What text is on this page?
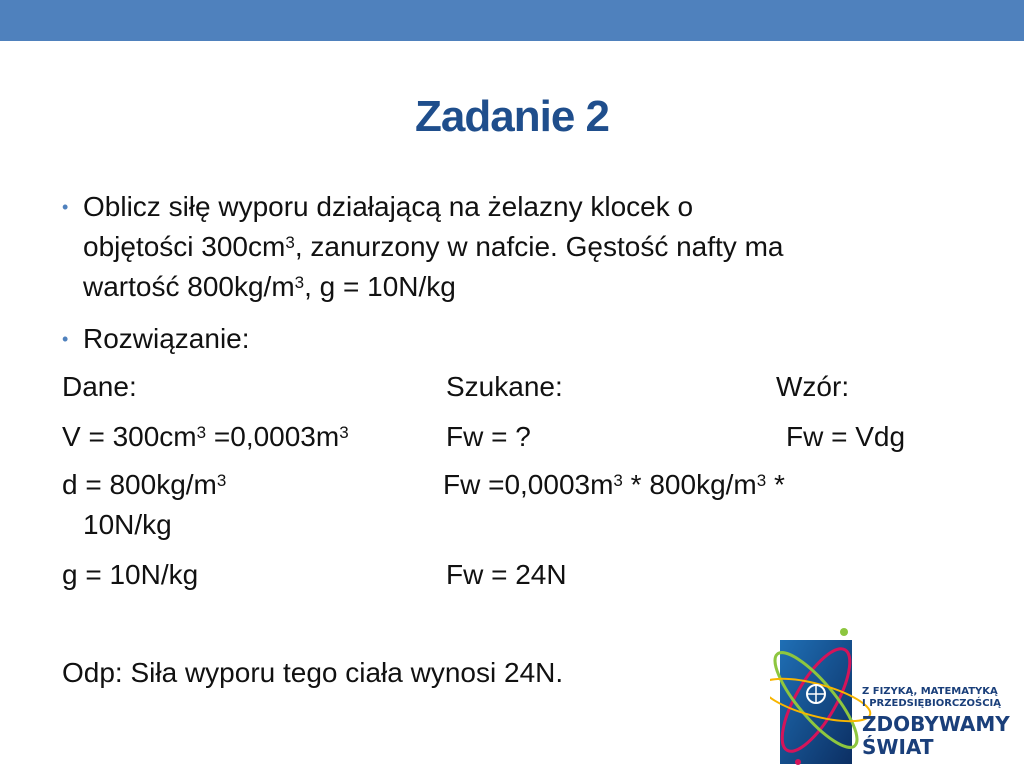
Zadanie 2
• Oblicz siłę wyporu działającą na żelazny klocek o
objętości $300cm^3$, zanurzony w nafcie. Gęstość nafty ma
wartość $800kg/m^3$, g = 10N/kg
• Rozwiązanie:
Dane:	Szukane:	Wzór:
$V = 300cm^3 =0,0003m^3$	Fw = ?	Fw = Vdg
$d = 800kg/m^3$	$Fw =0,0003m^3 * 800kg/m^3$ *
10N/kg
g = 10N/kg	Fw = 24N
Odp: Siła wyporu tego ciała wynosi 24N.
Z FIZYKĄ, MATEMATYKĄ
I PRZEDSIĘBIORCZOŚCIĄ
ZDOBYWAMY
ŚWIAT
